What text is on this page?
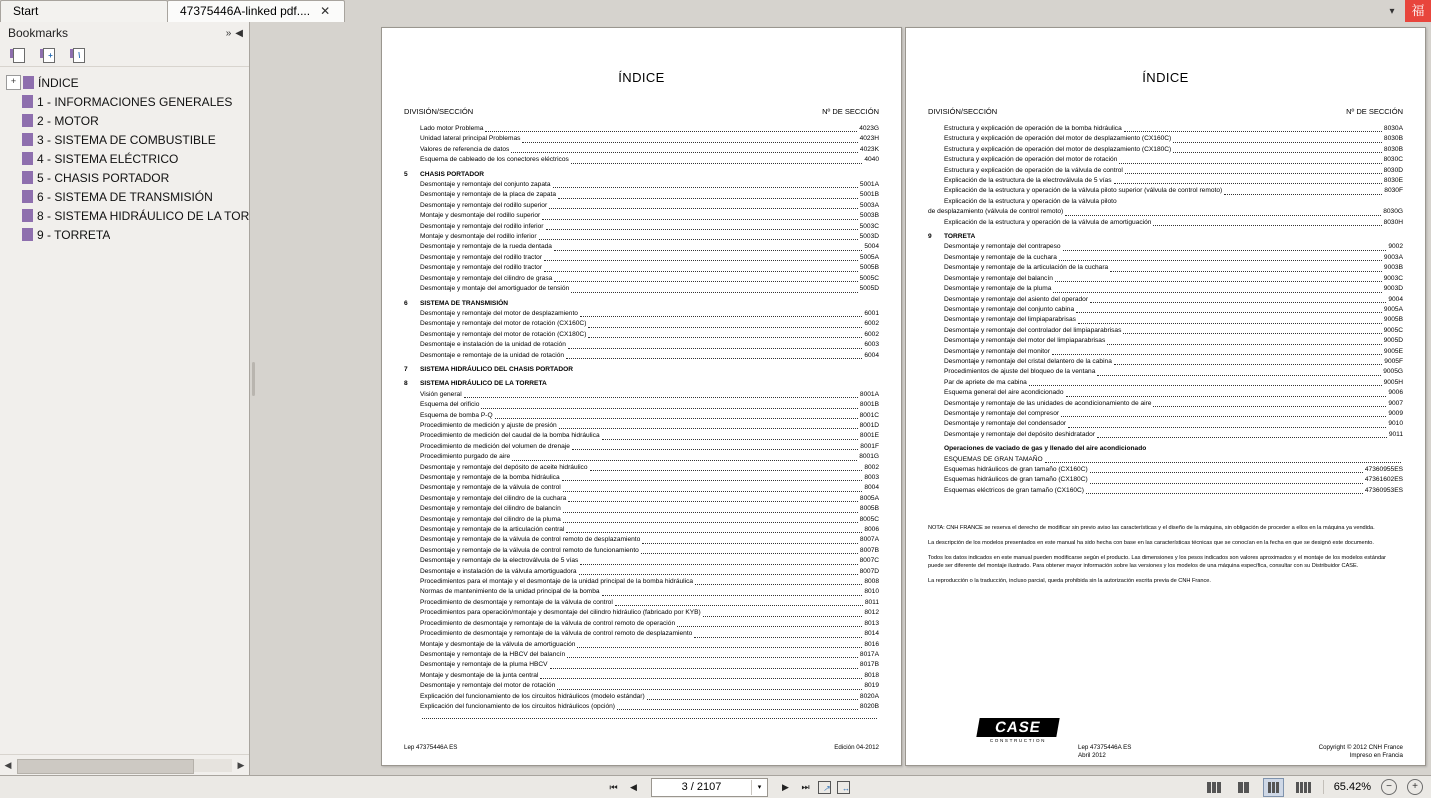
Start	47375446A-linked pdf.... ✕	▾	福
Bookmarks	» ◀
+	\
+	ÍNDICE
1 - INFORMACIONES GENERALES
2 - MOTOR
3 - SISTEMA DE COMBUSTIBLE
4 - SISTEMA ELÉCTRICO
5 - CHASIS PORTADOR
6 - SISTEMA DE TRANSMISIÓN
8 - SISTEMA HIDRÁULICO DE LA TOR
9 - TORRETA
◀	▶
ÍNDICE
DIVISIÓN/SECCIÓN	Nº DE SECCIÓN
Lado motor Problema	4023G
Unidad lateral principal Problemas	4023H
Valores de referencia de datos	4023K
Esquema de cableado de los conectores eléctricos	4040
5	CHASIS PORTADOR
Desmontaje y remontaje del conjunto zapata	5001A
Desmontaje y remontaje de la placa de zapata	5001B
Desmontaje y remontaje del rodillo superior	5003A
Montaje y desmontaje del rodillo superior	5003B
Desmontaje y remontaje del rodillo inferior	5003C
Montaje y desmontaje del rodillo inferior	5003D
Desmontaje y remontaje de la rueda dentada	5004
Desmontaje y remontaje del rodillo tractor	5005A
Desmontaje y remontaje del rodillo tractor	5005B
Desmontaje y remontaje del cilindro de grasa	5005C
Desmontaje y montaje del amortiguador de tensión	5005D
6	SISTEMA DE TRANSMISIÓN
Desmontaje y remontaje del motor de desplazamiento	6001
Desmontaje y remontaje del motor de rotación (CX160C)	6002
Desmontaje y remontaje del motor de rotación (CX180C)	6002
Desmontaje e instalación de la unidad de rotación	6003
Desmontaje e remontaje de la unidad de rotación	6004
7	SISTEMA HIDRÁULICO DEL CHASIS PORTADOR
8	SISTEMA HIDRÁULICO DE LA TORRETA
Visión general	8001A
Esquema del orificio	8001B
Esquema de bomba P-Q	8001C
Procedimiento de medición y ajuste de presión	8001D
Procedimiento de medición del caudal de la bomba hidráulica	8001E
Procedimiento de medición del volumen de drenaje	8001F
Procedimiento purgado de aire	8001G
Desmontaje y remontaje del depósito de aceite hidráulico	8002
Desmontaje y remontaje de la bomba hidráulica	8003
Desmontaje y remontaje de la válvula de control	8004
Desmontaje y remontaje del cilindro de la cuchara	8005A
Desmontaje y remontaje del cilindro de balancín	8005B
Desmontaje y remontaje del cilindro de la pluma	8005C
Desmontaje y remontaje de la articulación central	8006
Desmontaje y remontaje de la válvula de control remoto de desplazamiento	8007A
Desmontaje y remontaje de la válvula de control remoto de funcionamiento	8007B
Desmontaje y remontaje de la electroválvula de 5 vías	8007C
Desmontaje e instalación de la válvula amortiguadora	8007D
Procedimientos para el montaje y el desmontaje de la unidad principal de la bomba hidráulica	8008
Normas de mantenimiento de la unidad principal de la bomba	8010
Procedimiento de desmontaje y remontaje de la válvula de control	8011
Procedimientos para operación/montaje y desmontaje del cilindro hidráulico (fabricado por KYB)	8012
Procedimiento de desmontaje y remontaje de la válvula de control remoto de operación	8013
Procedimiento de desmontaje y remontaje de la válvula de control remoto de desplazamiento	8014
Montaje y desmontaje de la válvula de amortiguación	8016
Desmontaje y remontaje de la HBCV del balancín	8017A
Desmontaje y remontaje de la pluma HBCV	8017B
Montaje y desmontaje de la junta central	8018
Desmontaje y remontaje del motor de rotación	8019
Explicación del funcionamiento de los circuitos hidráulicos (modelo estándar)	8020A
Explicación del funcionamiento de los circuitos hidráulicos (opción)	8020B
Lep 47375446A ES	Edición 04-2012
ÍNDICE
DIVISIÓN/SECCIÓN	Nº DE SECCIÓN
Estructura y explicación de operación de la bomba hidráulica	8030A
Estructura y explicación de operación del motor de desplazamiento (CX160C)	8030B
Estructura y explicación de operación del motor de desplazamiento (CX180C)	8030B
Estructura y explicación de operación del motor de rotación	8030C
Estructura y explicación de operación de la válvula de control	8030D
Explicación de la estructura de la electroválvula de 5 vías	8030E
Explicación de la estructura y operación de la válvula piloto superior (válvula de control remoto)	8030F
Explicación de la estructura y operación de la válvula piloto
de desplazamiento (válvula de control remoto)	8030G
Explicación de la estructura y operación de la válvula de amortiguación	8030H
9	TORRETA
Desmontaje y remontaje del contrapeso	9002
Desmontaje y remontaje de la cuchara	9003A
Desmontaje y remontaje de la articulación de la cuchara	9003B
Desmontaje y remontaje del balancín	9003C
Desmontaje y remontaje de la pluma	9003D
Desmontaje y remontaje del asiento del operador	9004
Desmontaje y remontaje del conjunto cabina	9005A
Desmontaje y remontaje del limpiaparabrisas	9005B
Desmontaje y remontaje del controlador del limpiaparabrisas	9005C
Desmontaje y remontaje del motor del limpiaparabrisas	9005D
Desmontaje y remontaje del monitor	9005E
Desmontaje y remontaje del cristal delantero de la cabina	9005F
Procedimientos de ajuste del bloqueo de la ventana	9005G
Par de apriete de ma cabina	9005H
Esquema general del aire acondicionado	9006
Desmontaje y remontaje de las unidades de acondicionamiento de aire	9007
Desmontaje y remontaje del compresor	9009
Desmontaje y remontaje del condensador	9010
Desmontaje y remontaje del depósito deshidratador	9011
Operaciones de vaciado de gas y llenado del aire acondicionado
ESQUEMAS DE GRAN TAMAÑO
Esquemas hidráulicos de gran tamaño (CX160C)	47360955ES
Esquemas hidráulicos de gran tamaño (CX180C)	47361602ES
Esquemas eléctricos de gran tamaño (CX160C)	47360953ES

NOTA: CNH FRANCE se reserva el derecho de modificar sin previo aviso las características y el diseño de la máquina, sin obligación de proceder a ellos en la máquina ya vendida.

La descripción de los modelos presentados en este manual ha sido hecha con base en las características técnicas que se conocían en la fecha en que se designó este documento.

Todos los datos indicados en este manual pueden modificarse según el producto. Las dimensiones y los pesos indicados son valores aproximados y el montaje de los modelos estándar puede ser diferente del montaje ilustrado. Para obtener mayor información sobre las versiones y los modelos de una máquina específica, consultar con su Distribuidor CASE.

La reproducción o la traducción, incluso parcial, queda prohibida sin la autorización escrita previa de CNH France.

CASE
CONSTRUCTION
Lep 47375446A ES	Copyright © 2012 CNH France
Abril 2012	Impreso en Francia
⏮	◀	3 / 2107	▾	▶	⏭	↗ ↔	65.42%	−	+
